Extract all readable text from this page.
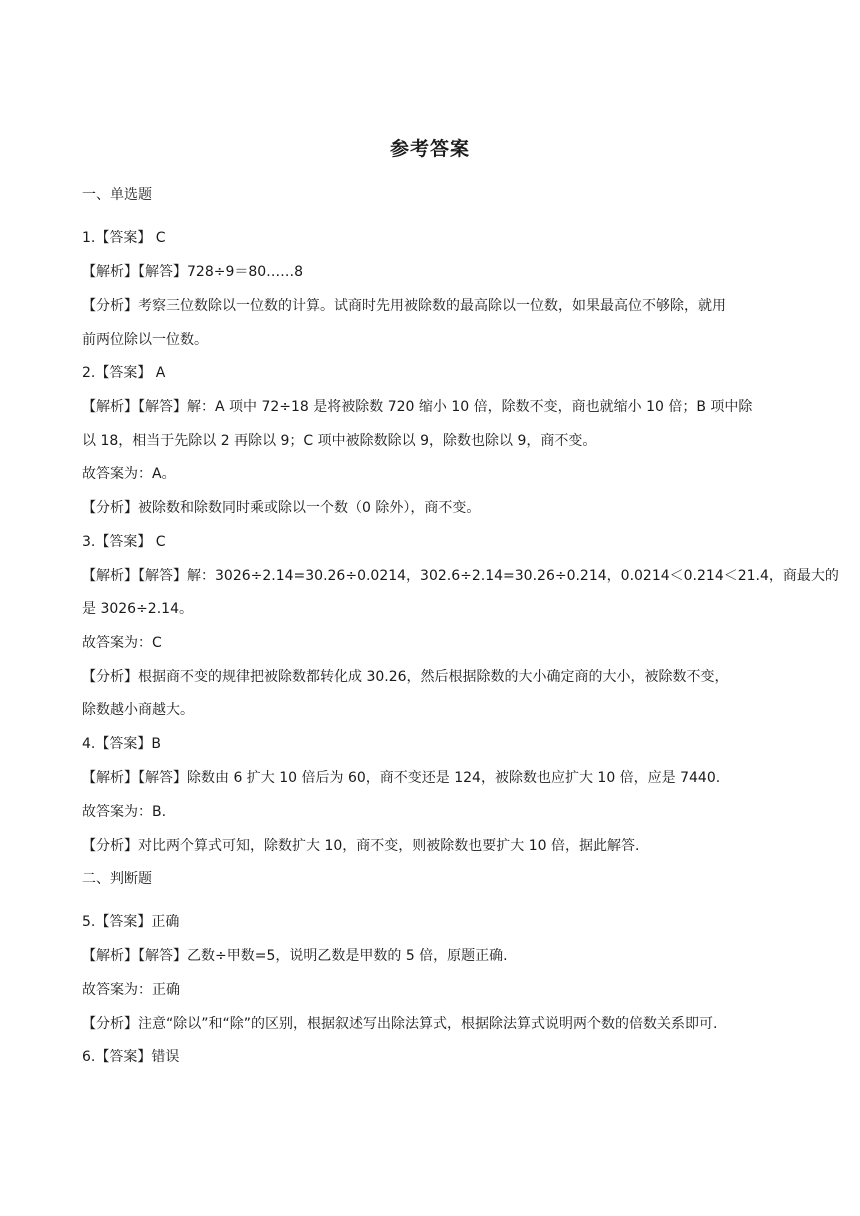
参考答案
一、单选题
1.【答案】 C
【解析】【解答】728÷9＝80……8
【分析】考察三位数除以一位数的计算。试商时先用被除数的最高除以一位数，如果最高位不够除，就用
前两位除以一位数。
2.【答案】 A
【解析】【解答】解：A 项中 72÷18 是将被除数 720 缩小 10 倍，除数不变，商也就缩小 10 倍；B 项中除
以 18，相当于先除以 2 再除以 9；C 项中被除数除以 9，除数也除以 9，商不变。
故答案为：A。
【分析】被除数和除数同时乘或除以一个数（0 除外），商不变。
3.【答案】 C
【解析】【解答】解：3026÷2.14=30.26÷0.0214，302.6÷2.14=30.26÷0.214，0.0214＜0.214＜21.4，商最大的
是 3026÷2.14。
故答案为：C
【分析】根据商不变的规律把被除数都转化成 30.26，然后根据除数的大小确定商的大小，被除数不变，
除数越小商越大。
4.【答案】B
【解析】【解答】除数由 6 扩大 10 倍后为 60，商不变还是 124，被除数也应扩大 10 倍，应是 7440.
故答案为：B.
【分析】对比两个算式可知，除数扩大 10，商不变，则被除数也要扩大 10 倍，据此解答.
二、判断题
5.【答案】正确
【解析】【解答】乙数÷甲数=5，说明乙数是甲数的 5 倍，原题正确.
故答案为：正确
【分析】注意“除以”和“除”的区别，根据叙述写出除法算式，根据除法算式说明两个数的倍数关系即可.
6.【答案】错误
